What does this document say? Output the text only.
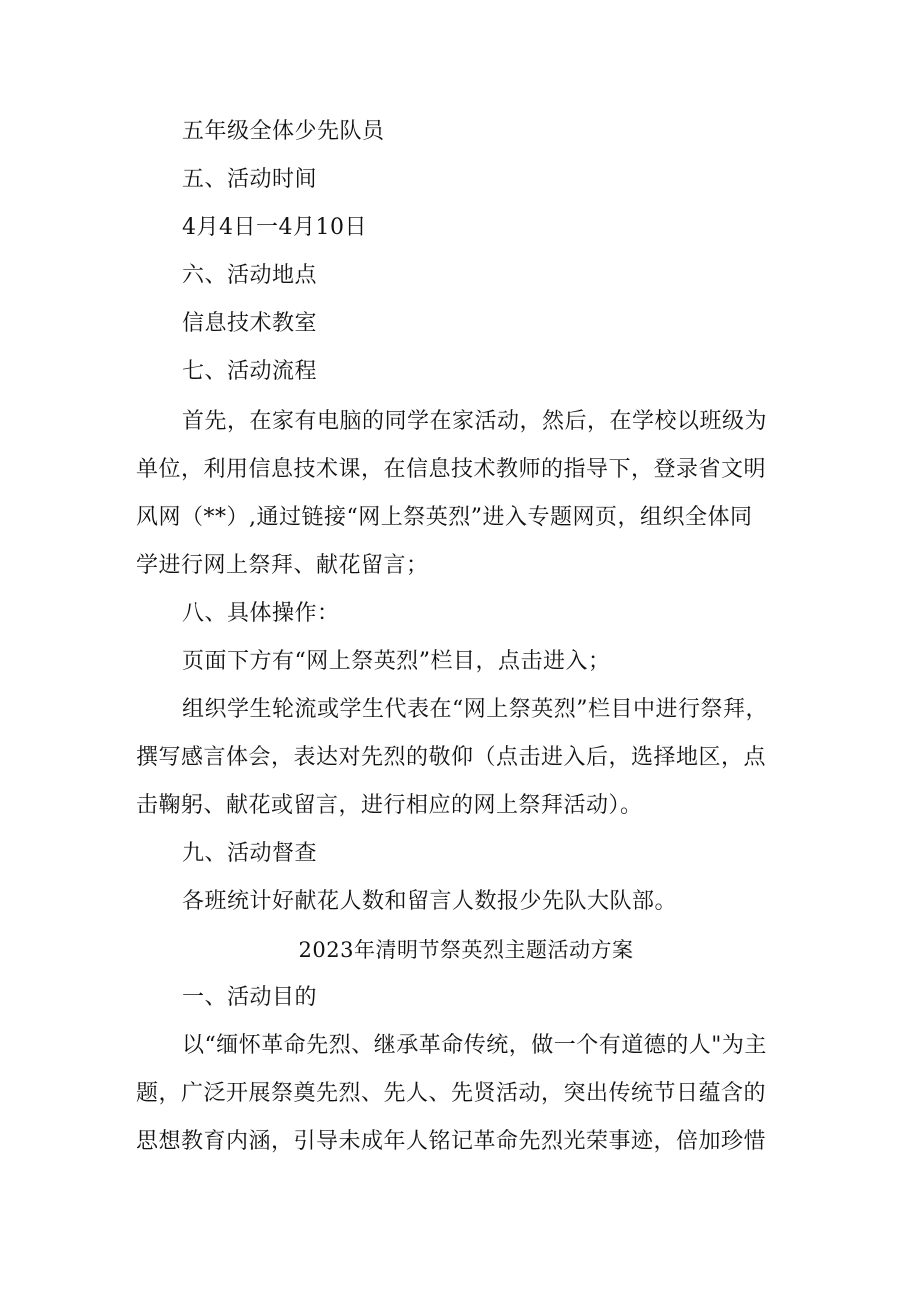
五年级全体少先队员
五、活动时间
4月4日一4月10日
六、活动地点
信息技术教室
七、活动流程
首先，在家有电脑的同学在家活动，然后，在学校以班级为
单位，利用信息技术课，在信息技术教师的指导下，登录省文明
风网（**）,通过链接“网上祭英烈”进入专题网页，组织全体同
学进行网上祭拜、献花留言；
八、具体操作：
页面下方有“网上祭英烈”栏目，点击进入；
组织学生轮流或学生代表在“网上祭英烈”栏目中进行祭拜，
撰写感言体会，表达对先烈的敬仰（点击进入后，选择地区，点
击鞠躬、献花或留言，进行相应的网上祭拜活动）。
九、活动督查
各班统计好献花人数和留言人数报少先队大队部。
2023年清明节祭英烈主题活动方案
一、活动目的
以“缅怀革命先烈、继承革命传统，做一个有道德的人"为主
题，广泛开展祭奠先烈、先人、先贤活动，突出传统节日蕴含的
思想教育内涵，引导未成年人铭记革命先烈光荣事迹，倍加珍惜
